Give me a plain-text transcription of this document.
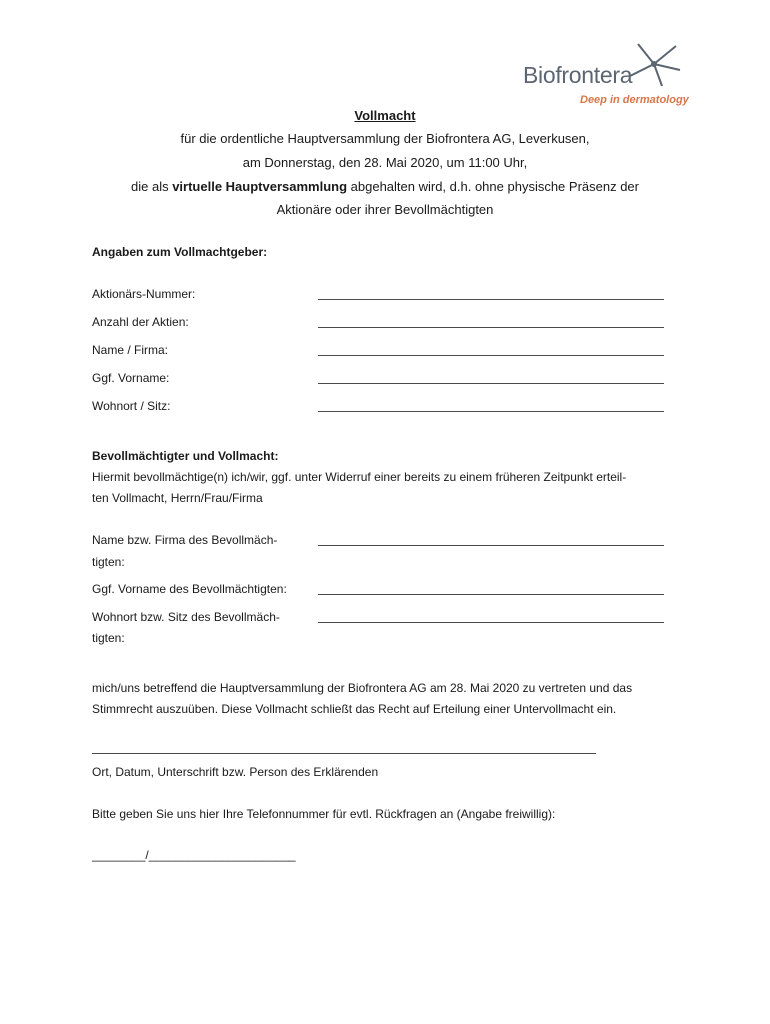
Biofrontera
Deep in dermatology
Vollmacht
für die ordentliche Hauptversammlung der Biofrontera AG, Leverkusen,
am Donnerstag, den 28. Mai 2020, um 11:00 Uhr,
die als virtuelle Hauptversammlung abgehalten wird, d.h. ohne physische Präsenz der
Aktionäre oder ihrer Bevollmächtigten
Angaben zum Vollmachtgeber:
Aktionärs-Nummer:
Anzahl der Aktien:
Name / Firma:
Ggf. Vorname:
Wohnort / Sitz:
Bevollmächtigter und Vollmacht:
Hiermit bevollmächtige(n) ich/wir, ggf. unter Widerruf einer bereits zu einem früheren Zeitpunkt erteil-
ten Vollmacht, Herrn/Frau/Firma
Name bzw. Firma des Bevollmäch-
tigten:
Ggf. Vorname des Bevollmächtigten:
Wohnort bzw. Sitz des Bevollmäch-
tigten:
mich/uns betreffend die Hauptversammlung der Biofrontera AG am 28. Mai 2020 zu vertreten und das
Stimmrecht auszuüben. Diese Vollmacht schließt das Recht auf Erteilung einer Untervollmacht ein.
Ort, Datum, Unterschrift bzw. Person des Erklärenden
Bitte geben Sie uns hier Ihre Telefonnummer für evtl. Rückfragen an (Angabe freiwillig):
________/______________________
